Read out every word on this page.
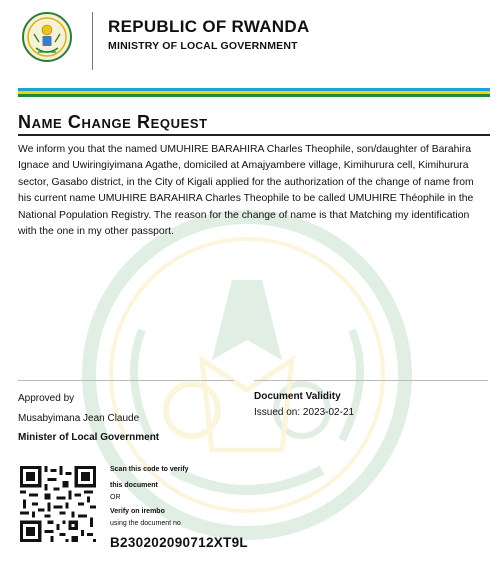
REPUBLIC OF RWANDA
MINISTRY OF LOCAL GOVERNMENT
Name Change Request
We inform you that the named UMUHIRE BARAHIRA Charles Theophile, son/daughter of Barahira Ignace and Uwiringiyimana Agathe, domiciled at Amajyambere village, Kimihurura cell, Kimihurura sector, Gasabo district, in the City of Kigali applied for the authorization of the change of name from his current name UMUHIRE BARAHIRA Charles Theophile to be called UMUHIRE Théophile in the National Population Registry. The reason for the change of name is that Matching my identification with the one in my other passport.
Approved by
Musabyimana Jean Claude
Minister of Local Government
Document Validity
Issued on: 2023-02-21
Scan this code to verify
this document
OR
Verify on irembo
using the document no
B230202090712XT9L
